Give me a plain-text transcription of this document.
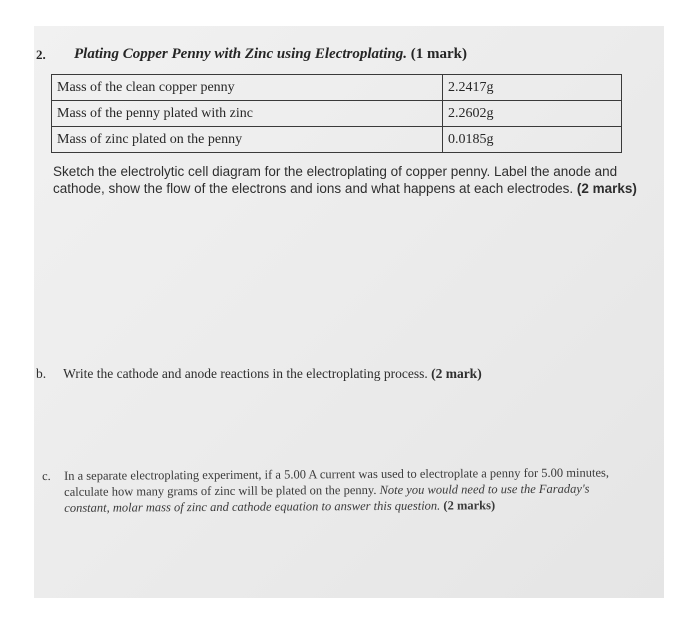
2. Plating Copper Penny with Zinc using Electroplating. (1 mark)
Mass of the clean copper penny	2.2417g
Mass of the penny plated with zinc	2.2602g
Mass of zinc plated on the penny	0.0185g
Sketch the electrolytic cell diagram for the electroplating of copper penny. Label the anode and cathode, show the flow of the electrons and ions and what happens at each electrodes. (2 marks)
b. Write the cathode and anode reactions in the electroplating process. (2 mark)
c. In a separate electroplating experiment, if a 5.00 A current was used to electroplate a penny for 5.00 minutes, calculate how many grams of zinc will be plated on the penny. Note you would need to use the Faraday's constant, molar mass of zinc and cathode equation to answer this question. (2 marks)
